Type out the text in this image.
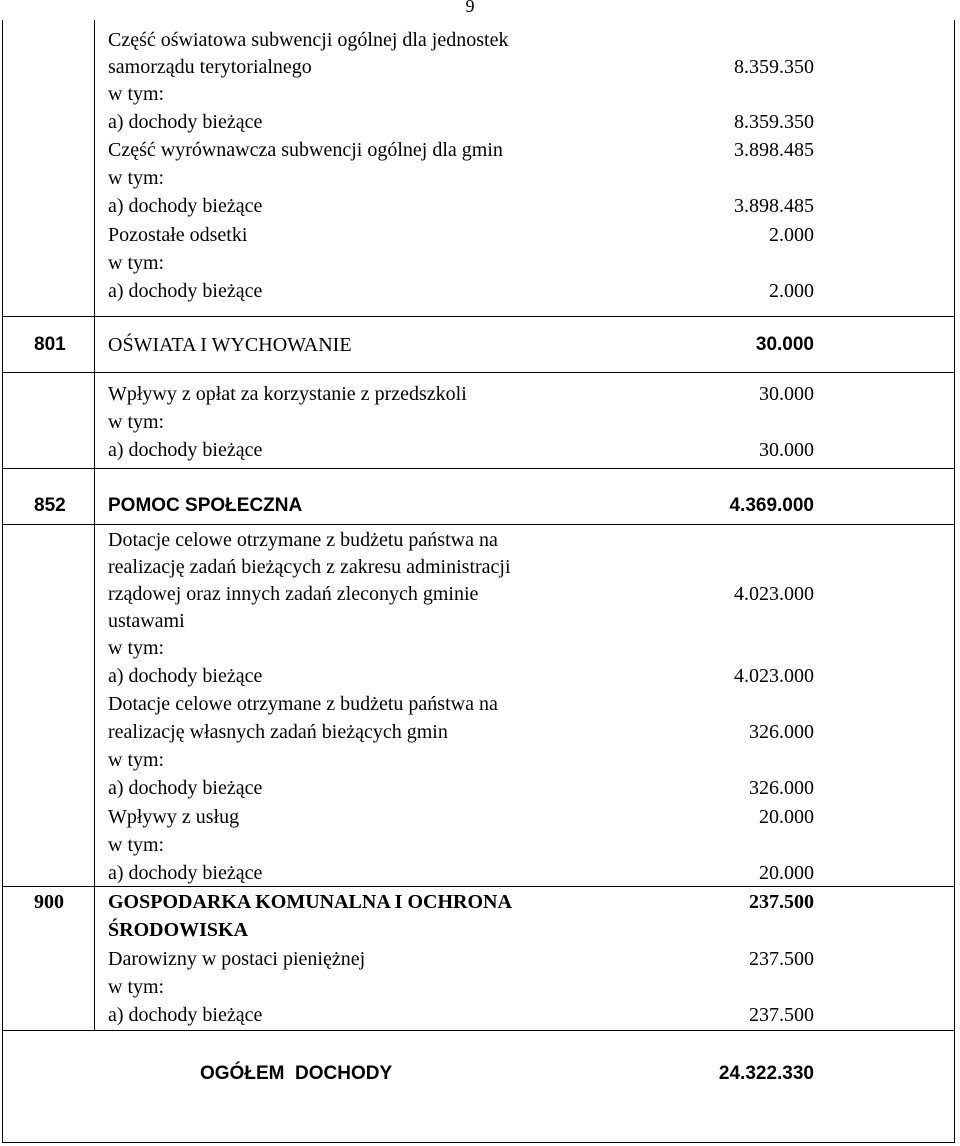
9
Część oświatowa subwencji ogólnej dla jednostek
samorządu terytorialnego	8.359.350
w tym:
a) dochody bieżące	8.359.350
Część wyrównawcza subwencji ogólnej dla gmin	3.898.485
w tym:
a) dochody bieżące	3.898.485
Pozostałe odsetki	2.000
w tym:
a) dochody bieżące	2.000
801 OŚWIATA I WYCHOWANIE	30.000
Wpływy z opłat za korzystanie z przedszkoli	30.000
w tym:
a) dochody bieżące	30.000
852 POMOC SPOŁECZNA	4.369.000
Dotacje celowe otrzymane z budżetu państwa na
realizację zadań bieżących z zakresu administracji
rządowej oraz innych zadań zleconych gminie	4.023.000
ustawami
w tym:
a) dochody bieżące	4.023.000
Dotacje celowe otrzymane z budżetu państwa na
realizację własnych zadań bieżących gmin	326.000
w tym:
a) dochody bieżące	326.000
Wpływy z usług	20.000
w tym:
a) dochody bieżące	20.000
900 GOSPODARKA KOMUNALNA I OCHRONA
ŚRODOWISKA
237.500
Darowizny w postaci pieniężnej	237.500
w tym:
a) dochody bieżące	237.500
OGÓŁEM  DOCHODY	24.322.330
